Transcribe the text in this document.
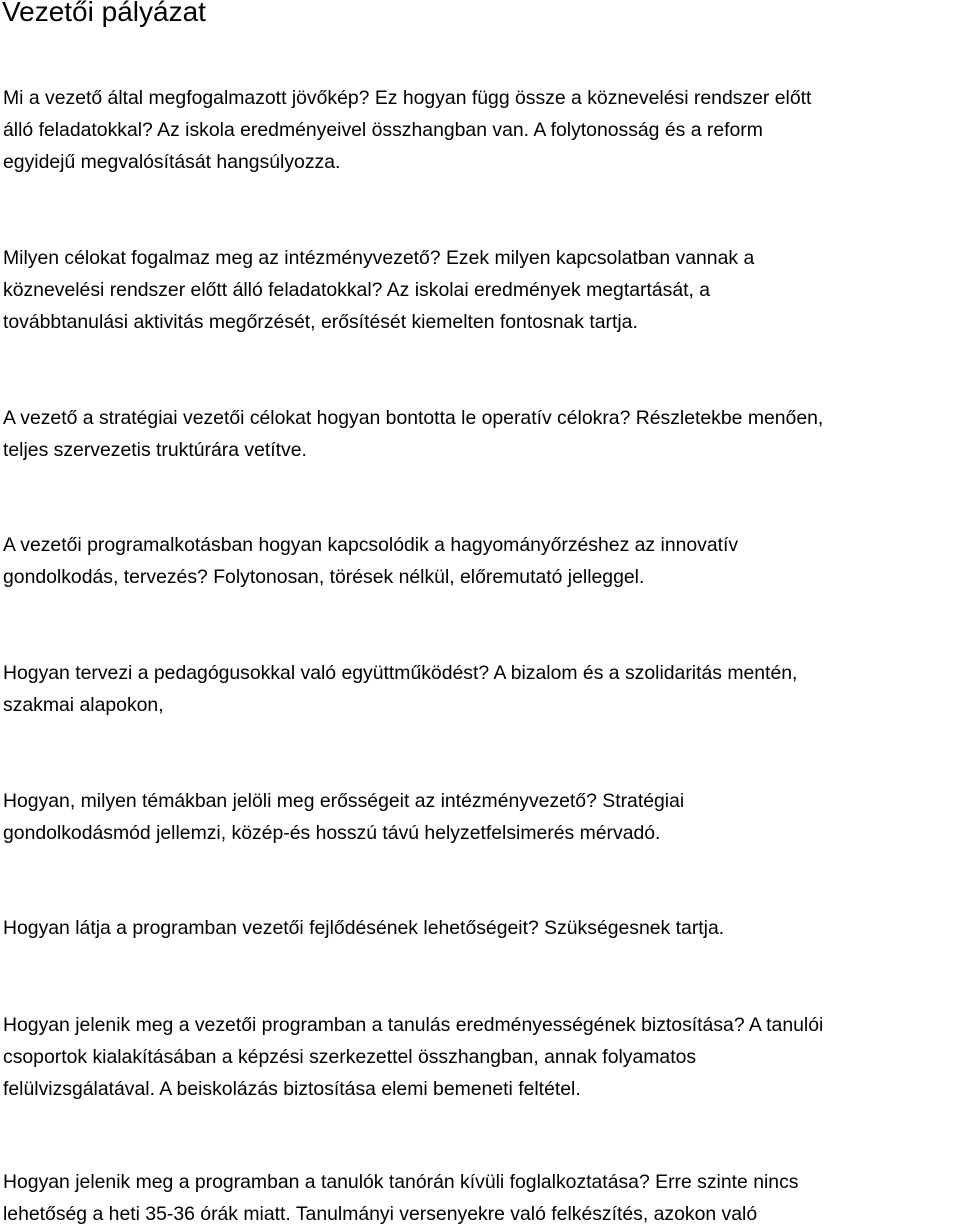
Vezetői pályázat

Mi a vezető által megfogalmazott jövőkép? Ez hogyan függ össze a köznevelési rendszer előtt
álló feladatokkal? Az iskola eredményeivel összhangban van. A folytonosság és a reform
egyidejű megvalósítását hangsúlyozza.

Milyen célokat fogalmaz meg az intézményvezető? Ezek milyen kapcsolatban vannak a
köznevelési rendszer előtt álló feladatokkal? Az iskolai eredmények megtartását, a
továbbtanulási aktivitás megőrzését, erősítését kiemelten fontosnak tartja.

A vezető a stratégiai vezetői célokat hogyan bontotta le operatív célokra? Részletekbe menően,
teljes szervezetis truktúrára vetítve.

A vezetői programalkotásban hogyan kapcsolódik a hagyományőrzéshez az innovatív
gondolkodás, tervezés? Folytonosan, törések nélkül, előremutató jelleggel.

Hogyan tervezi a pedagógusokkal való együttműködést? A bizalom és a szolidaritás mentén,
szakmai alapokon,

Hogyan, milyen témákban jelöli meg erősségeit az intézményvezető? Stratégiai
gondolkodásmód jellemzi, közép-és hosszú távú helyzetfelsimerés mérvadó.

Hogyan látja a programban vezetői fejlődésének lehetőségeit? Szükségesnek tartja.

Hogyan jelenik meg a vezetői programban a tanulás eredményességének biztosítása? A tanulói
csoportok kialakításában a képzési szerkezettel összhangban, annak folyamatos
felülvizsgálatával. A beiskolázás biztosítása elemi bemeneti feltétel.

Hogyan jelenik meg a programban a tanulók tanórán kívüli foglalkoztatása? Erre szinte nincs
lehetőség a heti 35-36 órák miatt. Tanulmányi versenyekre való felkészítés, azokon való
